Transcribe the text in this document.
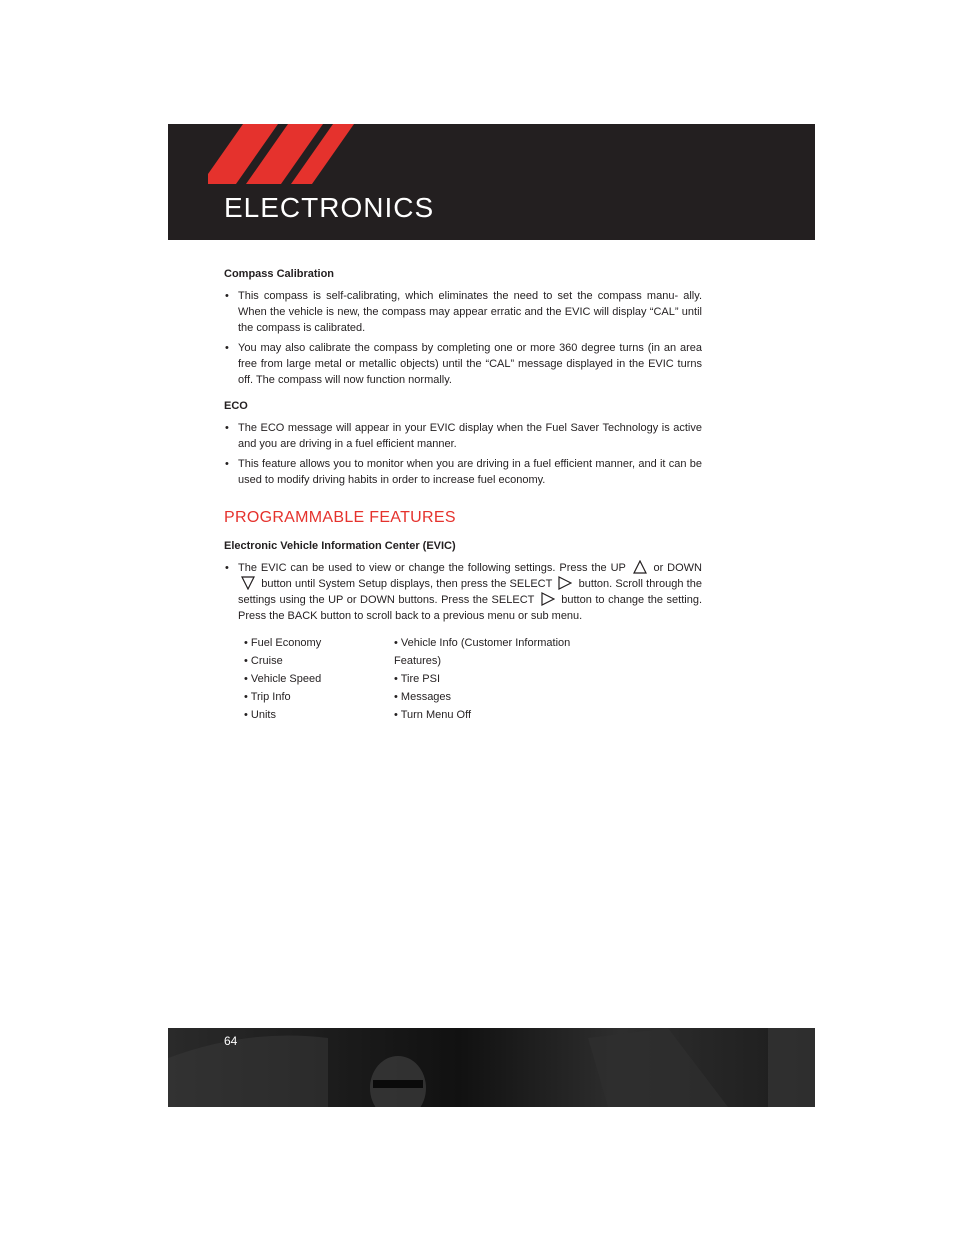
ELECTRONICS
Compass Calibration
• This compass is self-calibrating, which eliminates the need to set the compass manu- ally. When the vehicle is new, the compass may appear erratic and the EVIC will display “CAL” until the compass is calibrated.
• You may also calibrate the compass by completing one or more 360 degree turns (in an area free from large metal or metallic objects) until the “CAL” message displayed in the EVIC turns off. The compass will now function normally.
ECO
• The ECO message will appear in your EVIC display when the Fuel Saver Technology is active and you are driving in a fuel efficient manner.
• This feature allows you to monitor when you are driving in a fuel efficient manner, and it can be used to modify driving habits in order to increase fuel economy.
PROGRAMMABLE FEATURES
Electronic Vehicle Information Center (EVIC)
• The EVIC can be used to view or change the following settings. Press the UP	or DOWN  button until System Setup displays, then press the SELECT button. Scroll through the settings using the UP or DOWN buttons. Press the SELECT button to change the setting. Press the BACK button to scroll back to a previous menu or sub menu.
• Fuel Economy
• Cruise
• Vehicle Speed
• Trip Info
• Units
• Vehicle Info (Customer Information Features)
• Tire PSI
• Messages
• Turn Menu Off
64
